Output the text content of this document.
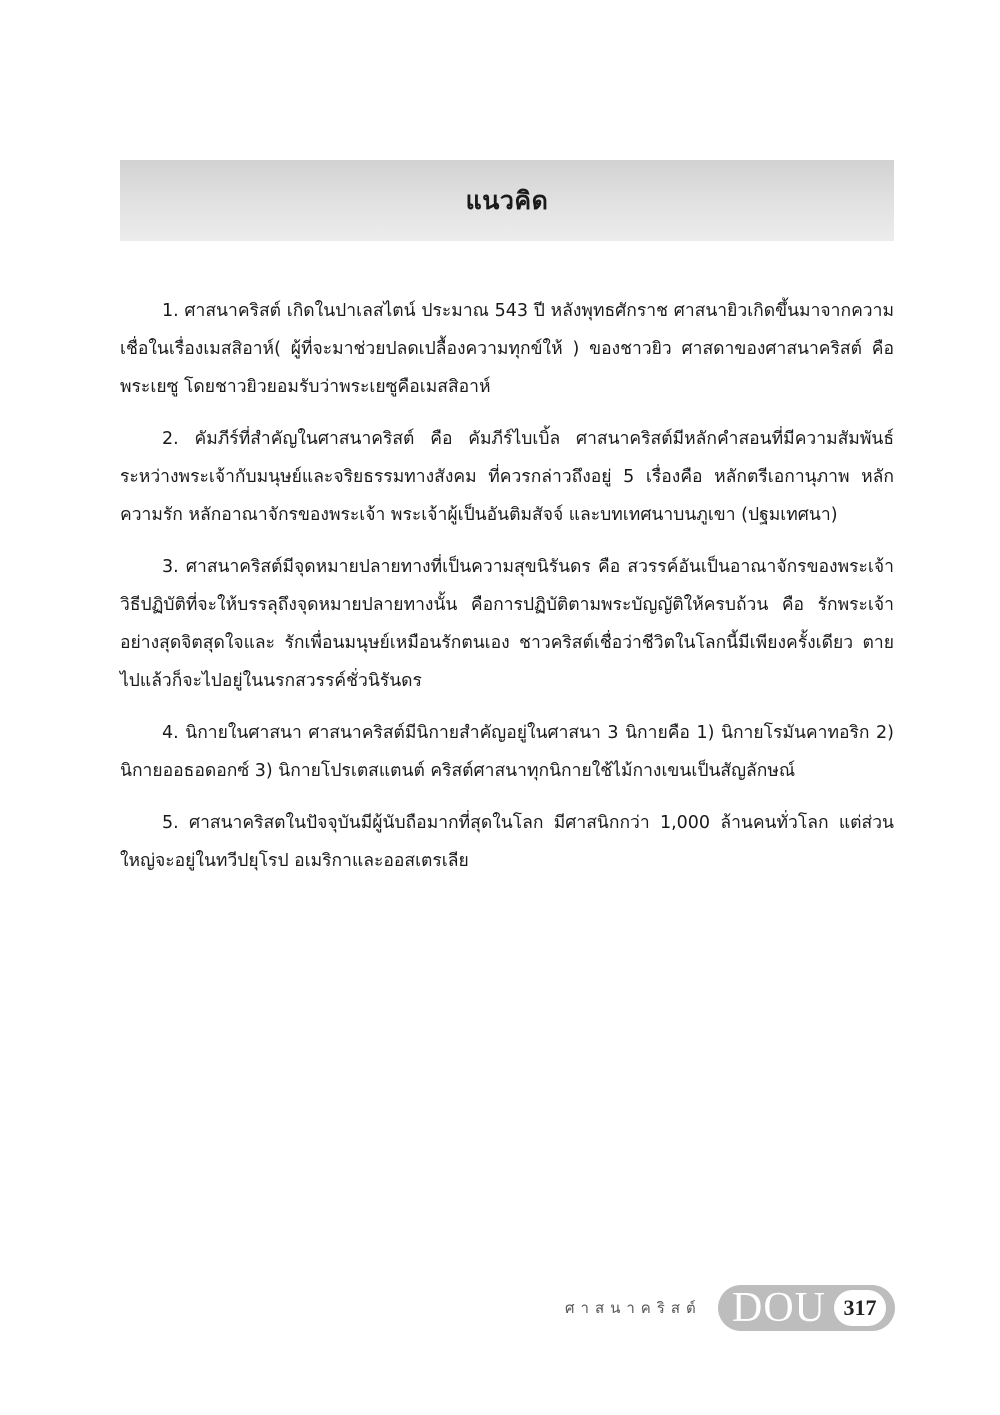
แนวคิด

1. ศาสนาคริสต์ เกิดในปาเลสไตน์ ประมาณ 543 ปี หลังพุทธศักราช ศาสนายิวเกิดขึ้นมาจากความเชื่อในเรื่องเมสสิอาห์( ผู้ที่จะมาช่วยปลดเปลื้องความทุกข์ให้ ) ของชาวยิว ศาสดาของศาสนาคริสต์ คือพระเยซู โดยชาวยิวยอมรับว่าพระเยซูคือเมสสิอาห์

2. คัมภีร์ที่สำคัญในศาสนาคริสต์ คือ คัมภีร์ไบเบิ้ล ศาสนาคริสต์มีหลักคำสอนที่มีความสัมพันธ์ระหว่างพระเจ้ากับมนุษย์และจริยธรรมทางสังคม ที่ควรกล่าวถึงอยู่ 5 เรื่องคือ หลักตรีเอกานุภาพ หลักความรัก หลักอาณาจักรของพระเจ้า พระเจ้าผู้เป็นอันติมสัจจ์ และบทเทศนาบนภูเขา (ปฐมเทศนา)

3. ศาสนาคริสต์มีจุดหมายปลายทางที่เป็นความสุขนิรันดร คือ สวรรค์อันเป็นอาณาจักรของพระเจ้า วิธีปฏิบัติที่จะให้บรรลุถึงจุดหมายปลายทางนั้น คือการปฏิบัติตามพระบัญญัติให้ครบถ้วน คือ รักพระเจ้าอย่างสุดจิตสุดใจและ รักเพื่อนมนุษย์เหมือนรักตนเอง ชาวคริสต์เชื่อว่าชีวิตในโลกนี้มีเพียงครั้งเดียว ตายไปแล้วก็จะไปอยู่ในนรกสวรรค์ชั่วนิรันดร

4. นิกายในศาสนา ศาสนาคริสต์มีนิกายสำคัญอยู่ในศาสนา 3 นิกายคือ 1) นิกายโรมันคาทอริก 2) นิกายออธอดอกซ์ 3) นิกายโปรเตสแตนต์ คริสต์ศาสนาทุกนิกายใช้ไม้กางเขนเป็นสัญลักษณ์

5. ศาสนาคริสตในปัจจุบันมีผู้นับถือมากที่สุดในโลก มีศาสนิกกว่า 1,000 ล้านคนทั่วโลก แต่ส่วนใหญ่จะอยู่ในทวีปยุโรป อเมริกาและออสเตรเลีย

ศาสนาคริสต์ DOU 317
